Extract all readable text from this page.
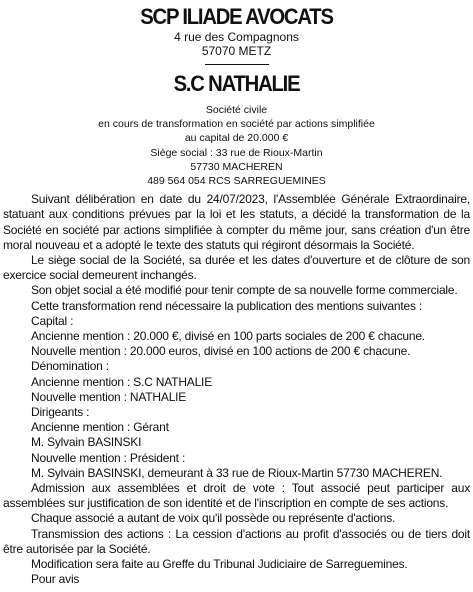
SCP ILIADE AVOCATS
4 rue des Compagnons
57070 METZ
S.C NATHALIE
Société civile
en cours de transformation en société par actions simplifiée
au capital de 20.000 €
Siège social : 33 rue de Rioux-Martin
57730 MACHEREN
489 564 054 RCS SARREGUEMINES

Suivant délibération en date du 24/07/2023, l'Assemblée Générale Extraordinaire, statuant aux conditions prévues par la loi et les statuts, a décidé la transformation de la Société en société par actions simplifiée à compter du même jour, sans création d'un être moral nouveau et a adopté le texte des statuts qui régiront désormais la Société.

Le siège social de la Société, sa durée et les dates d'ouverture et de clôture de son exercice social demeurent inchangés.

Son objet social a été modifié pour tenir compte de sa nouvelle forme commerciale.

Cette transformation rend nécessaire la publication des mentions suivantes :

Capital :

Ancienne mention : 20.000 €, divisé en 100 parts sociales de 200 € chacune.

Nouvelle mention : 20.000 euros, divisé en 100 actions de 200 € chacune.

Dénomination :

Ancienne mention : S.C NATHALIE

Nouvelle mention : NATHALIE

Dirigeants :

Ancienne mention : Gérant

M. Sylvain BASINSKI

Nouvelle mention : Président :

M. Sylvain BASINSKI, demeurant à 33 rue de Rioux-Martin 57730 MACHEREN.

Admission aux assemblées et droit de vote : Tout associé peut participer aux assemblées sur justification de son identité et de l'inscription en compte de ses actions.

Chaque associé a autant de voix qu'il possède ou représente d'actions.

Transmission des actions : La cession d'actions au profit d'associés ou de tiers doit être autorisée par la Société.

Modification sera faite au Greffe du Tribunal Judiciaire de Sarreguemines.

Pour avis
